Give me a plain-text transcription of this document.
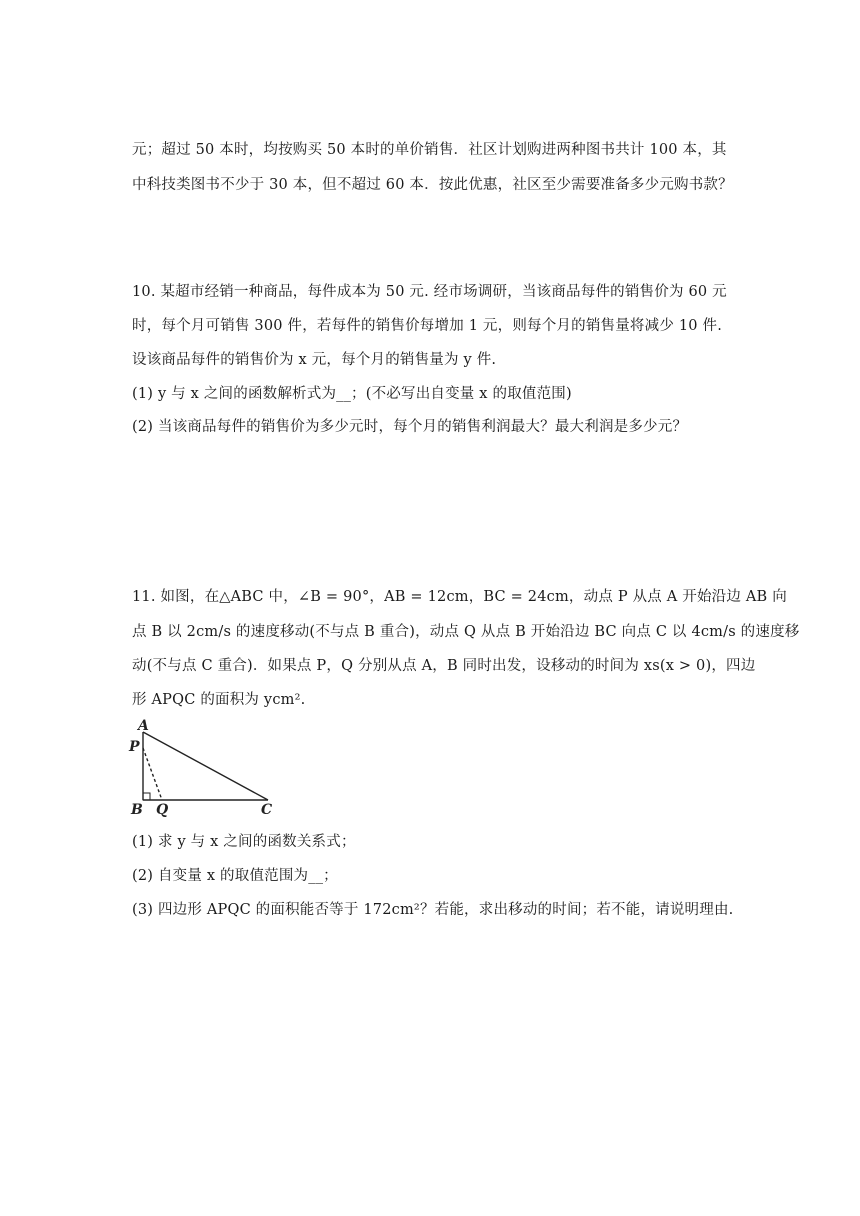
元；超过 50 本时，均按购买 50 本时的单价销售．社区计划购进两种图书共计 100 本，其
中科技类图书不少于 30 本，但不超过 60 本．按此优惠，社区至少需要准备多少元购书款？
10. 某超市经销一种商品，每件成本为 50 元. 经市场调研，当该商品每件的销售价为 60 元
时，每个月可销售 300 件，若每件的销售价每增加 1 元，则每个月的销售量将减少 10 件.
设该商品每件的销售价为 x 元，每个月的销售量为 y 件.
(1) y 与 x 之间的函数解析式为__；(不必写出自变量 x 的取值范围)
(2) 当该商品每件的销售价为多少元时，每个月的销售利润最大？最大利润是多少元？
11. 如图，在△ABC 中，∠B = 90°，AB = 12cm，BC = 24cm，动点 P 从点 A 开始沿边 AB 向
点 B 以 2cm/s 的速度移动(不与点 B 重合)，动点 Q 从点 B 开始沿边 BC 向点 C 以 4cm/s 的速度移
动(不与点 C 重合)．如果点 P，Q 分别从点 A，B 同时出发，设移动的时间为 xs(x > 0)，四边
形 APQC 的面积为 ycm².
A
P
B Q	C
(1) 求 y 与 x 之间的函数关系式；
(2) 自变量 x 的取值范围为__；
(3) 四边形 APQC 的面积能否等于 172cm²？若能，求出移动的时间；若不能，请说明理由.
